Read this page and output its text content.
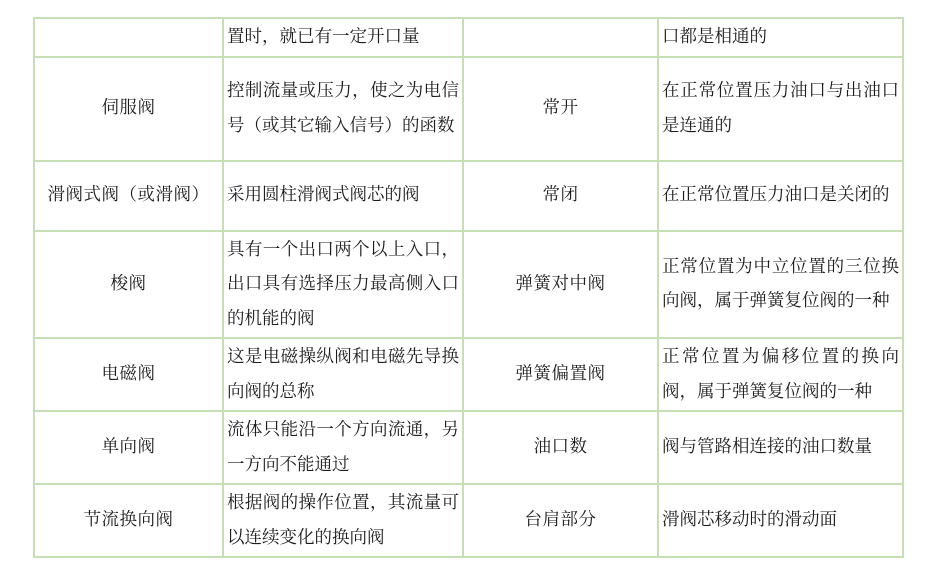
	置时，就已有一定开口量		口都是相通的
伺服阀	控制流量或压力，使之为电信号（或其它输入信号）的函数	常开	在正常位置压力油口与出油口是连通的
滑阀式阀（或滑阀）	采用圆柱滑阀式阀芯的阀	常闭	在正常位置压力油口是关闭的
梭阀	具有一个出口两个以上入口，出口具有选择压力最高侧入口的机能的阀	弹簧对中阀	正常位置为中立位置的三位换向阀，属于弹簧复位阀的一种
电磁阀	这是电磁操纵阀和电磁先导换向阀的总称	弹簧偏置阀	正常位置为偏移位置的换向阀，属于弹簧复位阀的一种
单向阀	流体只能沿一个方向流通，另一方向不能通过	油口数	阀与管路相连接的油口数量
节流换向阀	根据阀的操作位置，其流量可以连续变化的换向阀	台肩部分	滑阀芯移动时的滑动面
